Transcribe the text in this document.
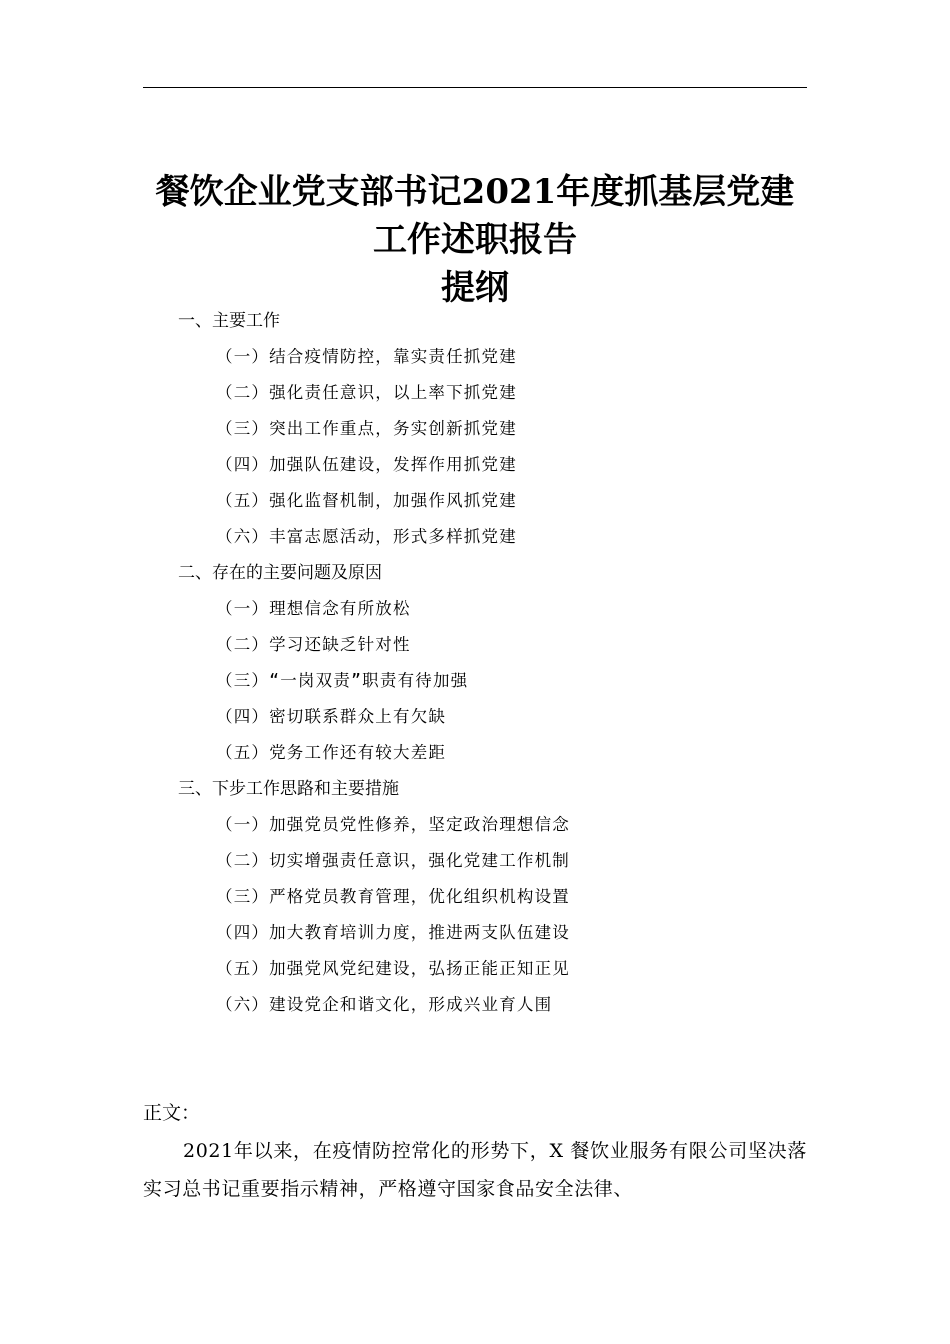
餐饮企业党支部书记2021年度抓基层党建
工作述职报告
提纲
一、主要工作
（一）结合疫情防控，靠实责任抓党建
（二）强化责任意识，以上率下抓党建
（三）突出工作重点，务实创新抓党建
（四）加强队伍建设，发挥作用抓党建
（五）强化监督机制，加强作风抓党建
（六）丰富志愿活动，形式多样抓党建
二、存在的主要问题及原因
（一）理想信念有所放松
（二）学习还缺乏针对性
（三）“一岗双责”职责有待加强
（四）密切联系群众上有欠缺
（五）党务工作还有较大差距
三、下步工作思路和主要措施
（一）加强党员党性修养，坚定政治理想信念
（二）切实增强责任意识，强化党建工作机制
（三）严格党员教育管理，优化组织机构设置
（四）加大教育培训力度，推进两支队伍建设
（五）加强党风党纪建设，弘扬正能正知正见
（六）建设党企和谐文化，形成兴业育人围
正文：
2021年以来，在疫情防控常化的形势下，X 餐饮业服务有限公司坚决落实习总书记重要指示精神，严格遵守国家食品安全法律、
